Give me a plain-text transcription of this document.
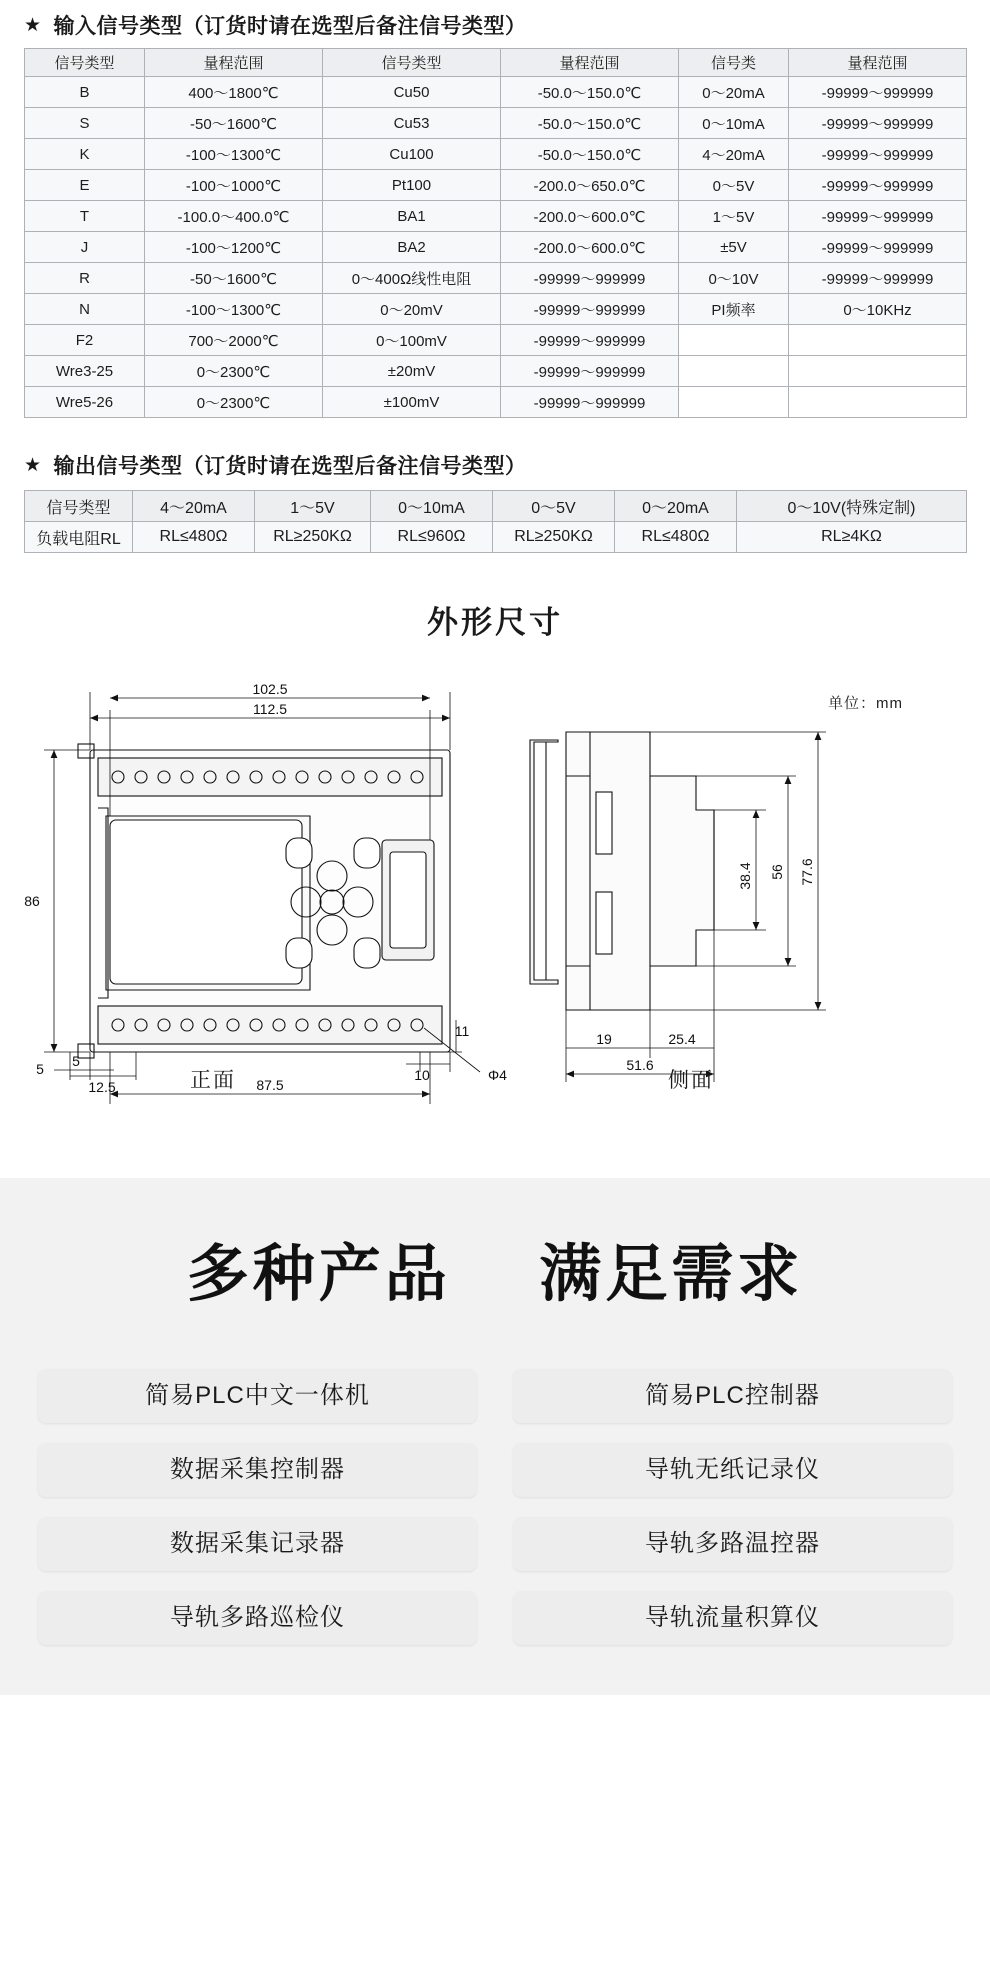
★ 输入信号类型（订货时请在选型后备注信号类型）
信号类型	量程范围	信号类型	量程范围	信号类	量程范围
B	400～1800℃	Cu50	-50.0～150.0℃	0～20mA	-99999～999999
S	-50～1600℃	Cu53	-50.0～150.0℃	0～10mA	-99999～999999
K	-100～1300℃	Cu100	-50.0～150.0℃	4～20mA	-99999～999999
E	-100～1000℃	Pt100	-200.0～650.0℃	0～5V	-99999～999999
T	-100.0～400.0℃	BA1	-200.0～600.0℃	1～5V	-99999～999999
J	-100～1200℃	BA2	-200.0～600.0℃	±5V	-99999～999999
R	-50～1600℃	0～400Ω线性电阻	-99999～999999	0～10V	-99999～999999
N	-100～1300℃	0～20mV	-99999～999999	PI频率	0～10KHz
F2	700～2000℃	0～100mV	-99999～999999		
Wre3-25	0～2300℃	±20mV	-99999～999999		
Wre5-26	0～2300℃	±100mV	-99999～999999		
★ 输出信号类型（订货时请在选型后备注信号类型）
信号类型	4～20mA	1～5V	0～10mA	0～5V	0～20mA	0～10V(特殊定制)
负载电阻RL	RL≤480Ω	RL≥250KΩ	RL≤960Ω	RL≥250KΩ	RL≤480Ω	RL≥4KΩ
外形尺寸
单位：mm
102.5
112.5
86
87.5
5 5
12.5
11
10	Φ4
38.4 56 77.6
19	25.4
51.6
正面	侧面
多种产品 满足需求
简易PLC中文一体机	简易PLC控制器
数据采集控制器	导轨无纸记录仪
数据采集记录器	导轨多路温控器
导轨多路巡检仪	导轨流量积算仪
